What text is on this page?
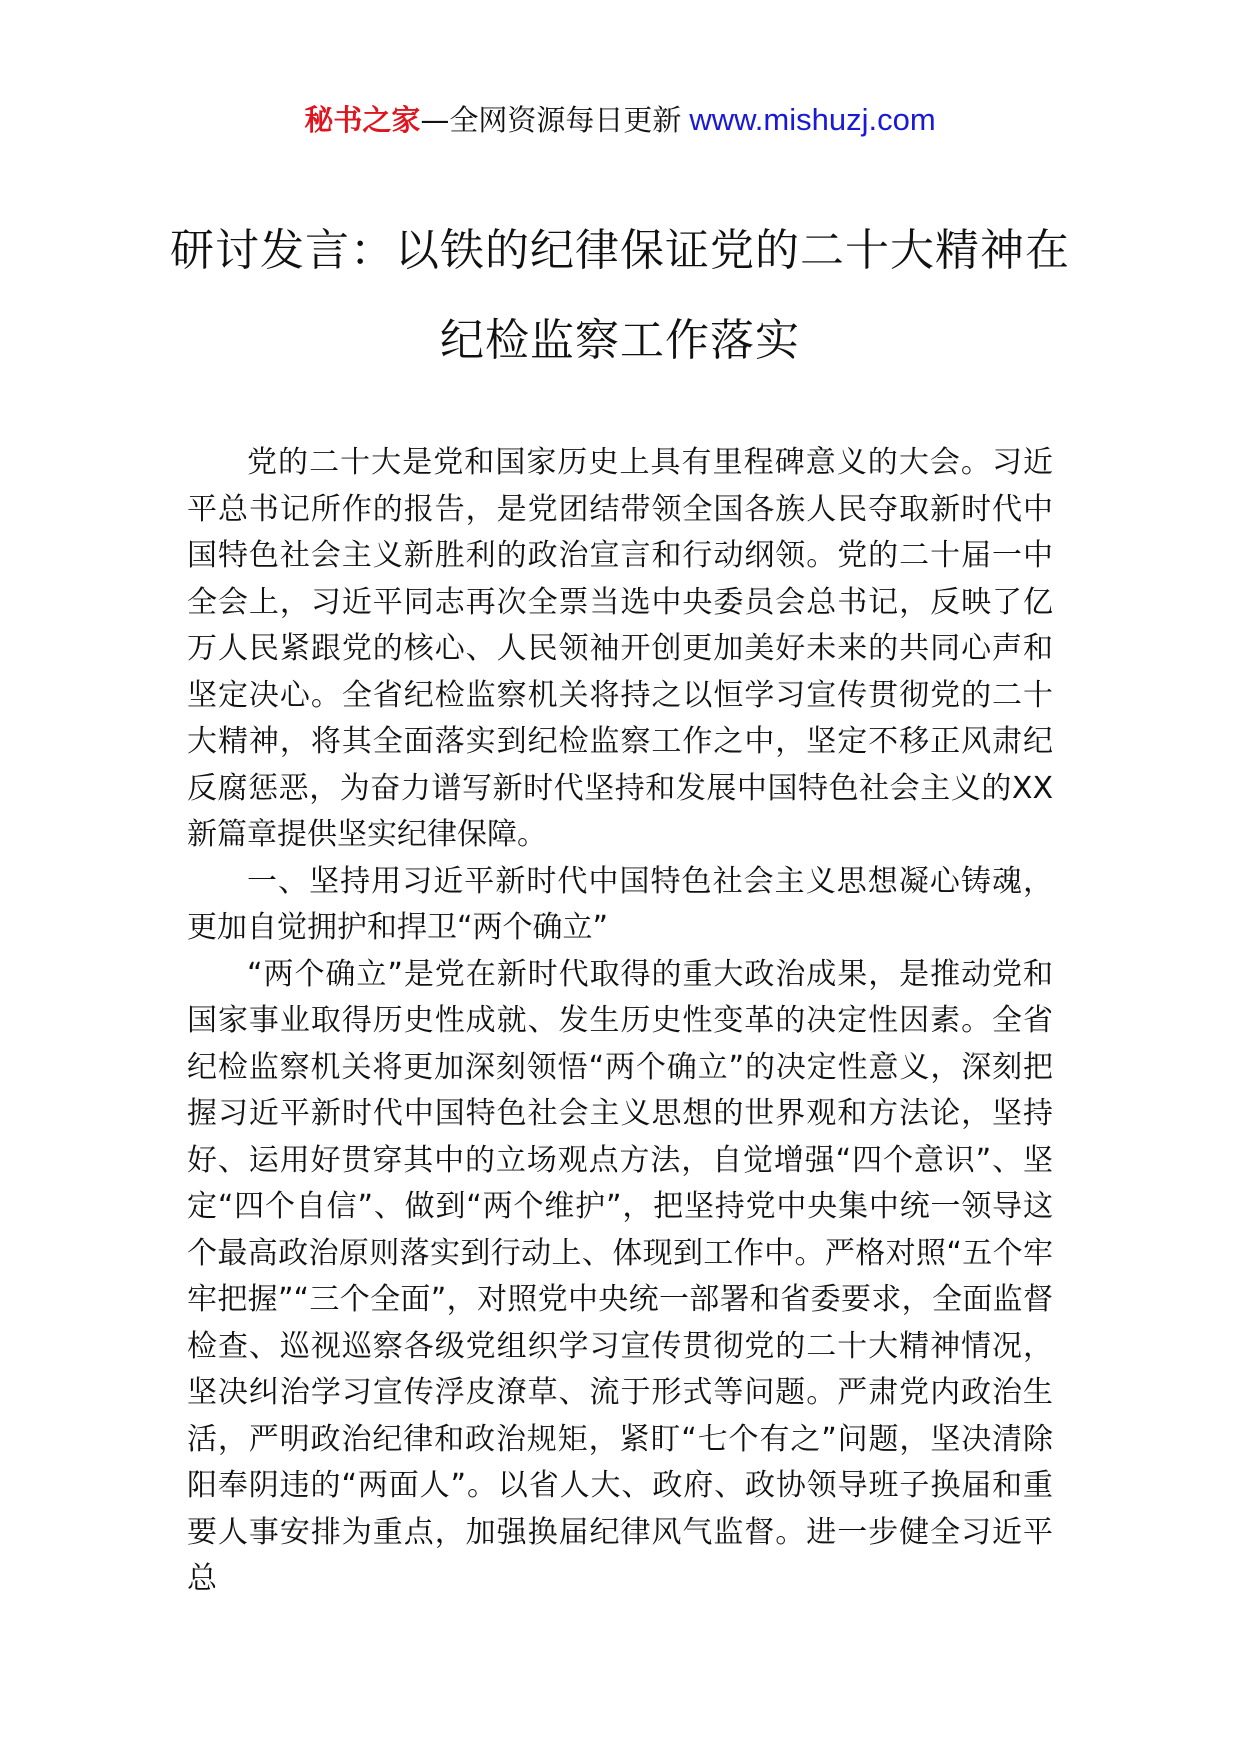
秘书之家—全网资源每日更新 www.mishuzj.com
研讨发言：以铁的纪律保证党的二十大精神在纪检监察工作落实

党的二十大是党和国家历史上具有里程碑意义的大会。习近平总书记所作的报告，是党团结带领全国各族人民夺取新时代中国特色社会主义新胜利的政治宣言和行动纲领。党的二十届一中全会上，习近平同志再次全票当选中央委员会总书记，反映了亿万人民紧跟党的核心、人民领袖开创更加美好未来的共同心声和坚定决心。全省纪检监察机关将持之以恒学习宣传贯彻党的二十大精神，将其全面落实到纪检监察工作之中，坚定不移正风肃纪反腐惩恶，为奋力谱写新时代坚持和发展中国特色社会主义的XX新篇章提供坚实纪律保障。

一、坚持用习近平新时代中国特色社会主义思想凝心铸魂，更加自觉拥护和捍卫“两个确立”

“两个确立”是党在新时代取得的重大政治成果，是推动党和国家事业取得历史性成就、发生历史性变革的决定性因素。全省纪检监察机关将更加深刻领悟“两个确立”的决定性意义，深刻把握习近平新时代中国特色社会主义思想的世界观和方法论，坚持好、运用好贯穿其中的立场观点方法，自觉增强“四个意识”、坚定“四个自信”、做到“两个维护”，把坚持党中央集中统一领导这个最高政治原则落实到行动上、体现到工作中。严格对照“五个牢牢把握”“三个全面”，对照党中央统一部署和省委要求，全面监督检查、巡视巡察各级党组织学习宣传贯彻党的二十大精神情况，坚决纠治学习宣传浮皮潦草、流于形式等问题。严肃党内政治生活，严明政治纪律和政治规矩，紧盯“七个有之”问题，坚决清除阳奉阴违的“两面人”。以省人大、政府、政协领导班子换届和重要人事安排为重点，加强换届纪律风气监督。进一步健全习近平总
